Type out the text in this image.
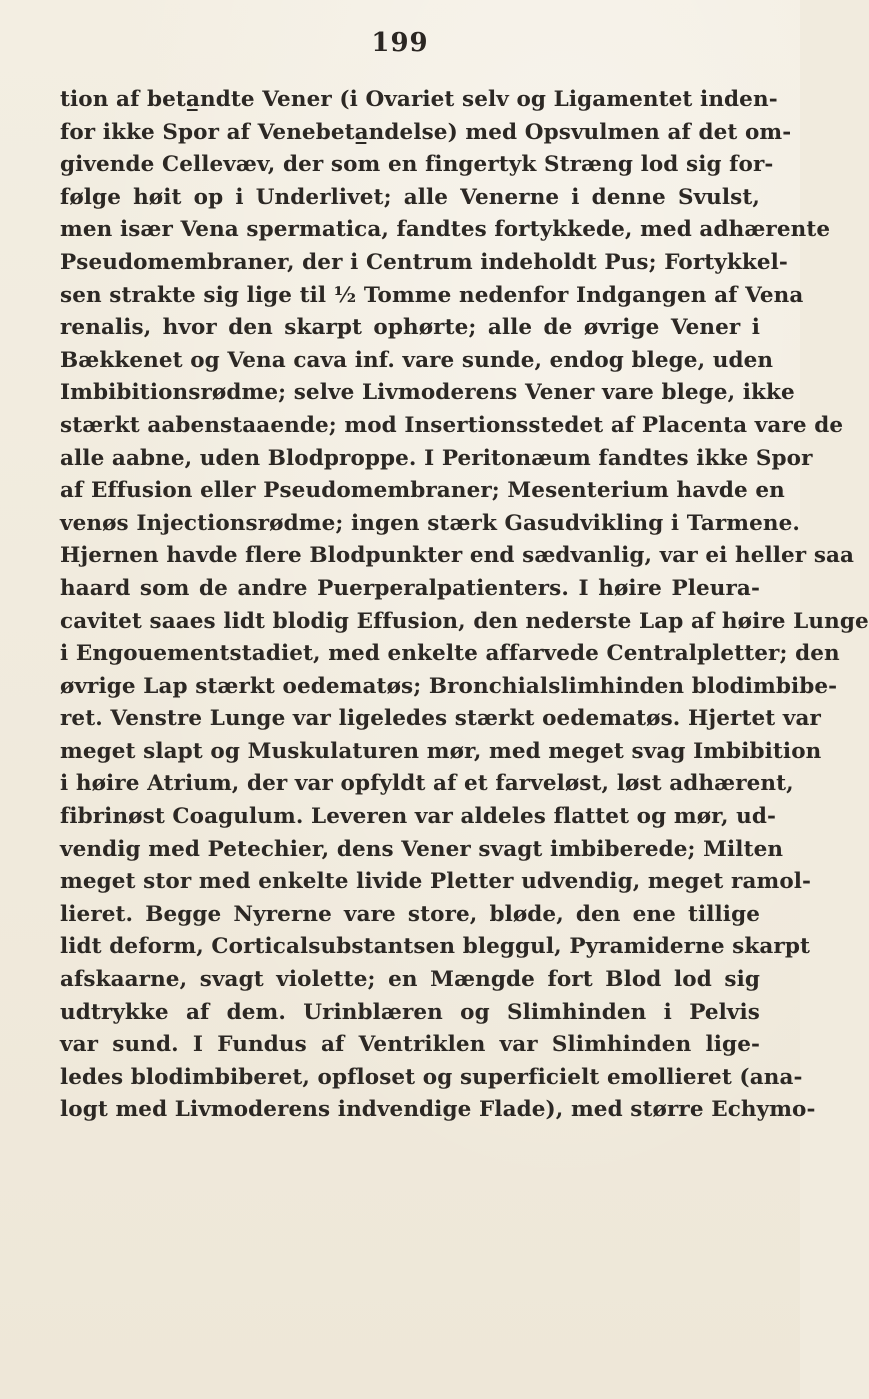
199
tion af beta̲ndte Vener (i Ovariet selv og Ligamentet inden-
for ikke Spor af Venebeta̲ndelse) med Opsvulmen af det om-
givende Cellevæv, der som en fingertyk Stræng lod sig for-
følge høit op i Underlivet; alle Venerne i denne Svulst,
men især Vena spermatica, fandtes fortykkede, med adhærente
Pseudomembraner, der i Centrum indeholdt Pus; Fortykkel-
sen strakte sig lige til ½ Tomme nedenfor Indgangen af Vena
renalis, hvor den skarpt ophørte; alle de øvrige Vener i
Bækkenet og Vena cava inf. vare sunde, endog blege, uden
Imbibitionsrødme; selve Livmoderens Vener vare blege, ikke
stærkt aabenstaaende; mod Insertionsstedet af Placenta vare de
alle aabne, uden Blodproppe. I Peritonæum fandtes ikke Spor
af Effusion eller Pseudomembraner; Mesenterium havde en
venøs Injectionsrødme; ingen stærk Gasudvikling i Tarmene.
Hjernen havde flere Blodpunkter end sædvanlig, var ei heller saa
haard som de andre Puerperalpatienters. I høire Pleura-
cavitet saaes lidt blodig Effusion, den nederste Lap af høire Lunge
i Engouementstadiet, med enkelte affarvede Centralpletter; den
øvrige Lap stærkt oedematøs; Bronchialslimhinden blodimbibe-
ret. Venstre Lunge var ligeledes stærkt oedematøs. Hjertet var
meget slapt og Muskulaturen mør, med meget svag Imbibition
i høire Atrium, der var opfyldt af et farveløst, løst adhærent,
fibrinøst Coagulum. Leveren var aldeles flattet og mør, ud-
vendig med Petechier, dens Vener svagt imbiberede; Milten
meget stor med enkelte livide Pletter udvendig, meget ramol-
lieret. Begge Nyrerne vare store, bløde, den ene tillige
lidt deform, Corticalsubstantsen bleggul, Pyramiderne skarpt
afskaarne, svagt violette; en Mængde fort Blod lod sig
udtrykke af dem. Urinblæren og Slimhinden i Pelvis
var sund. I Fundus af Ventriklen var Slimhinden lige-
ledes blodimbiberet, opfloset og superficielt emollieret (ana-
logt med Livmoderens indvendige Flade), med større Echymo-
